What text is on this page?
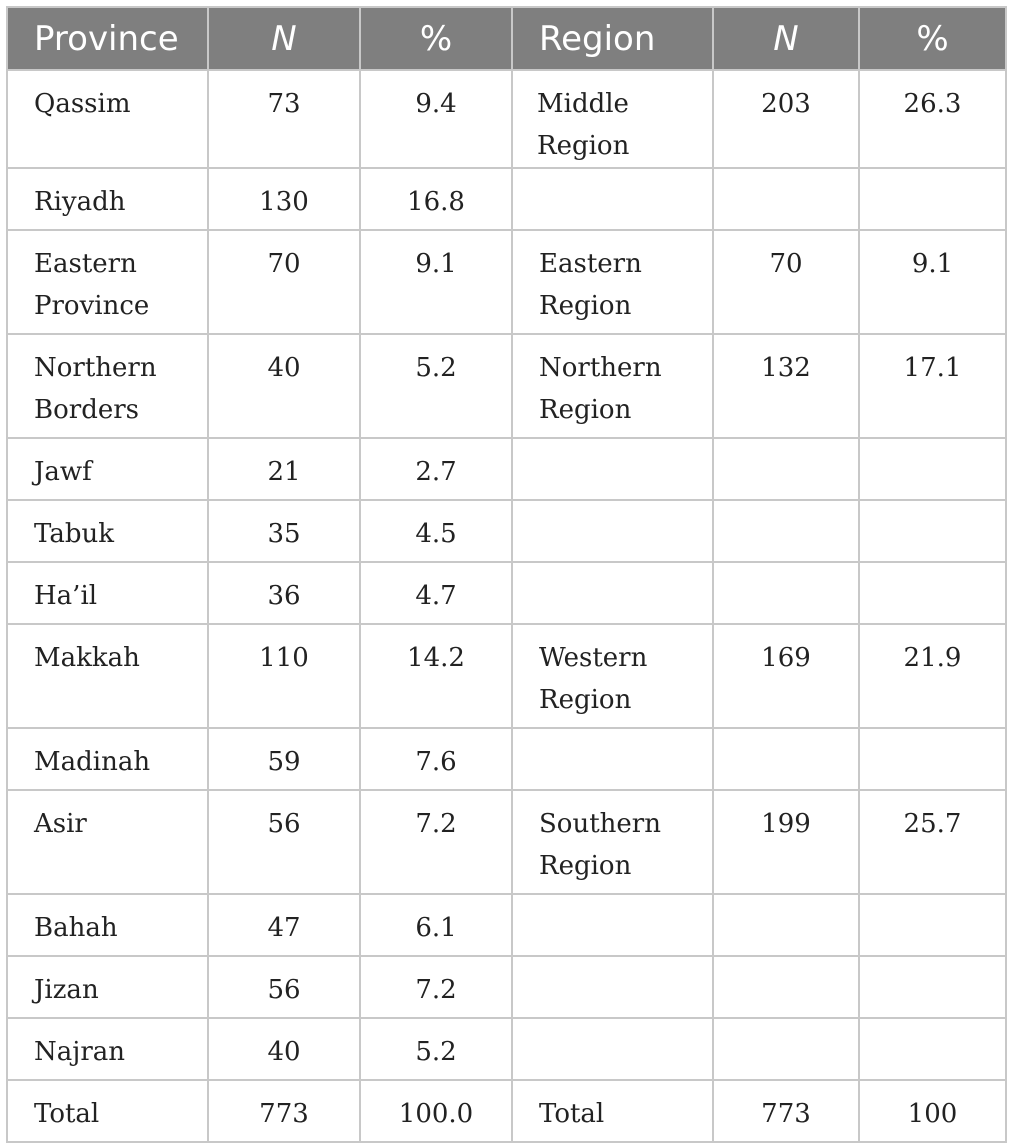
Province	N	%	Region	N	%
Qassim	73	9.4	Middle Region	203	26.3
Riyadh	130	16.8			
Eastern Province	70	9.1	Eastern Region	70	9.1
Northern Borders	40	5.2	Northern Region	132	17.1
Jawf	21	2.7			
Tabuk	35	4.5			
Ha’il	36	4.7			
Makkah	110	14.2	Western Region	169	21.9
Madinah	59	7.6			
Asir	56	7.2	Southern Region	199	25.7
Bahah	47	6.1			
Jizan	56	7.2			
Najran	40	5.2			
Total	773	100.0	Total	773	100
